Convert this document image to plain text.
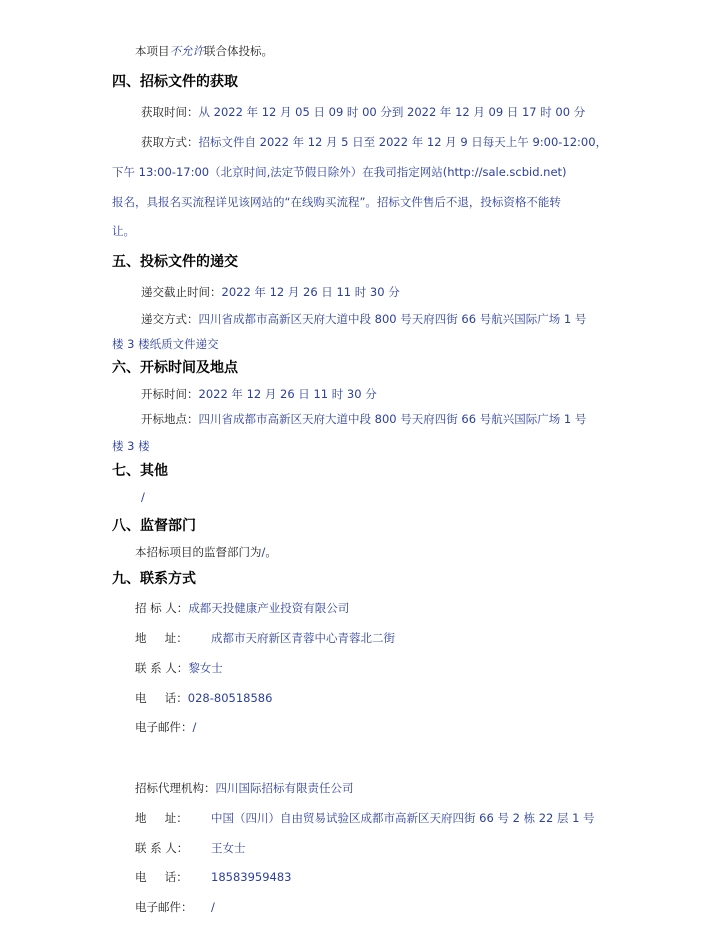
本项目不允许联合体投标。
四、招标文件的获取
获取时间：从 2022 年 12 月 05 日 09 时 00 分到 2022 年 12 月 09 日 17 时 00 分
获取方式：招标文件自 2022 年 12 月 5 日至 2022 年 12 月 9 日每天上午 9:00-12:00，
下午 13:00-17:00（北京时间,法定节假日除外）在我司指定网站(http://sale.scbid.net)
报名，具报名买流程详见该网站的“在线购买流程”。招标文件售后不退，投标资格不能转
让。
五、投标文件的递交
递交截止时间：2022 年 12 月 26 日 11 时 30 分
递交方式：四川省成都市高新区天府大道中段 800 号天府四街 66 号航兴国际广场 1 号
楼 3 楼纸质文件递交
六、开标时间及地点
开标时间：2022 年 12 月 26 日 11 时 30 分
开标地点：四川省成都市高新区天府大道中段 800 号天府四街 66 号航兴国际广场 1 号
楼 3 楼
七、其他
/
八、监督部门
本招标项目的监督部门为/。
九、联系方式
招 标 人：成都天投健康产业投资有限公司
地     址： 成都市天府新区青蓉中心青蓉北二街
联 系 人：黎女士
电     话：028-80518586
电子邮件：/
招标代理机构：四川国际招标有限责任公司
地     址： 中国（四川）自由贸易试验区成都市高新区天府四街 66 号 2 栋 22 层 1 号
联 系 人： 王女士
电     话： 18583959483
电子邮件： /
